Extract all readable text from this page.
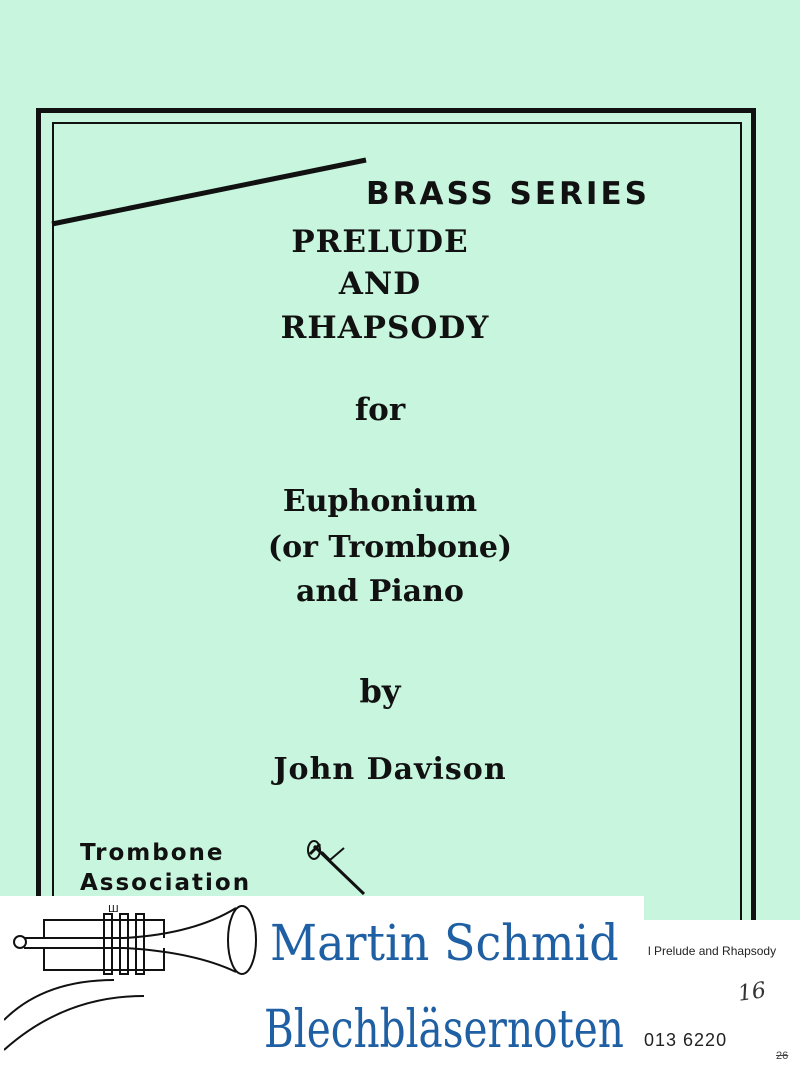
BRASS SERIES
PRELUDE
AND
RHAPSODY
for
Euphonium
(or Trombone)
and Piano
by
John Davison
Trombone
Association
Ш
Martin Schmid
Blechbläsernoten
l Prelude and Rhapsody
16
013 6220
26
